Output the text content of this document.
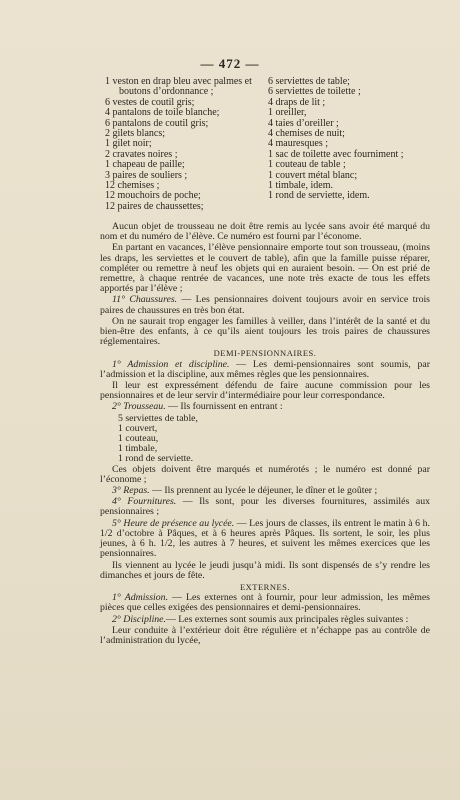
— 472 —
1 veston en drap bleu avec palmes et boutons d’ordonnance ;
6 vestes de coutil gris;
4 pantalons de toile blanche;
6 pantalons de coutil gris;
2 gilets blancs;
1 gilet noir;
2 cravates noires ;
1 chapeau de paille;
3 paires de souliers ;
12 chemises ;
12 mouchoirs de poche;
12 paires de chaussettes;
6 serviettes de table;
6 serviettes de toilette ;
4 draps de lit ;
1 oreiller,
4 taies d’oreiller ;
4 chemises de nuit;
4 mauresques ;
1 sac de toilette avec fourniment ;
1 couteau de table ;
1 couvert métal blanc;
1 timbale, idem.
1 rond de serviette, idem.

Aucun objet de trousseau ne doit être remis au lycée sans avoir été marqué du nom et du numéro de l’élève. Ce numéro est fourni par l’économe.

En partant en vacances, l’élève pensionnaire emporte tout son trousseau, (moins les draps, les serviettes et le couvert de table), afin que la famille puisse réparer, compléter ou remettre à neuf les objets qui en auraient besoin. — On est prié de remettre, à chaque rentrée de vacances, une note très exacte de tous les effets apportés par l’élève ;

11° Chaussures. — Les pensionnaires doivent toujours avoir en service trois paires de chaussures en très bon état.

On ne saurait trop engager les familles à veiller, dans l’intérêt de la santé et du bien-être des enfants, à ce qu’ils aient toujours les trois paires de chaussures réglementaires.

DEMI-PENSIONNAIRES.

1° Admission et discipline. — Les demi-pensionnaires sont soumis, par l’admission et la discipline, aux mêmes règles que les pensionnaires.

Il leur est expressément défendu de faire aucune commission pour les pensionnaires et de leur servir d’intermédiaire pour leur correspondance.

2° Trousseau. — Ils fournissent en entrant :

5 serviettes de table,
1 couvert,
1 couteau,
1 timbale,
1 rond de serviette.

Ces objets doivent être marqués et numérotés ; le numéro est donné par l’économe ;

3° Repas. — Ils prennent au lycée le déjeuner, le dîner et le goûter ;

4° Fournitures. — Ils sont, pour les diverses fournitures, assimilés aux pensionnaires ;

5° Heure de présence au lycée. — Les jours de classes, ils entrent le matin à 6 h. 1/2 d’octobre à Pâques, et à 6 heures après Pâques. Ils sortent, le soir, les plus jeunes, à 6 h. 1/2, les autres à 7 heures, et suivent les mêmes exercices que les pensionnaires.

Ils viennent au lycée le jeudi jusqu’à midi. Ils sont dispensés de s’y rendre les dimanches et jours de fête.

EXTERNES.

1° Admission. — Les externes ont à fournir, pour leur admission, les mêmes pièces que celles exigées des pensionnaires et demi-pensionnaires.

2° Discipline.— Les externes sont soumis aux principales règles suivantes :

Leur conduite à l’extérieur doit être régulière et n’échappe pas au contrôle de l’administration du lycée,
